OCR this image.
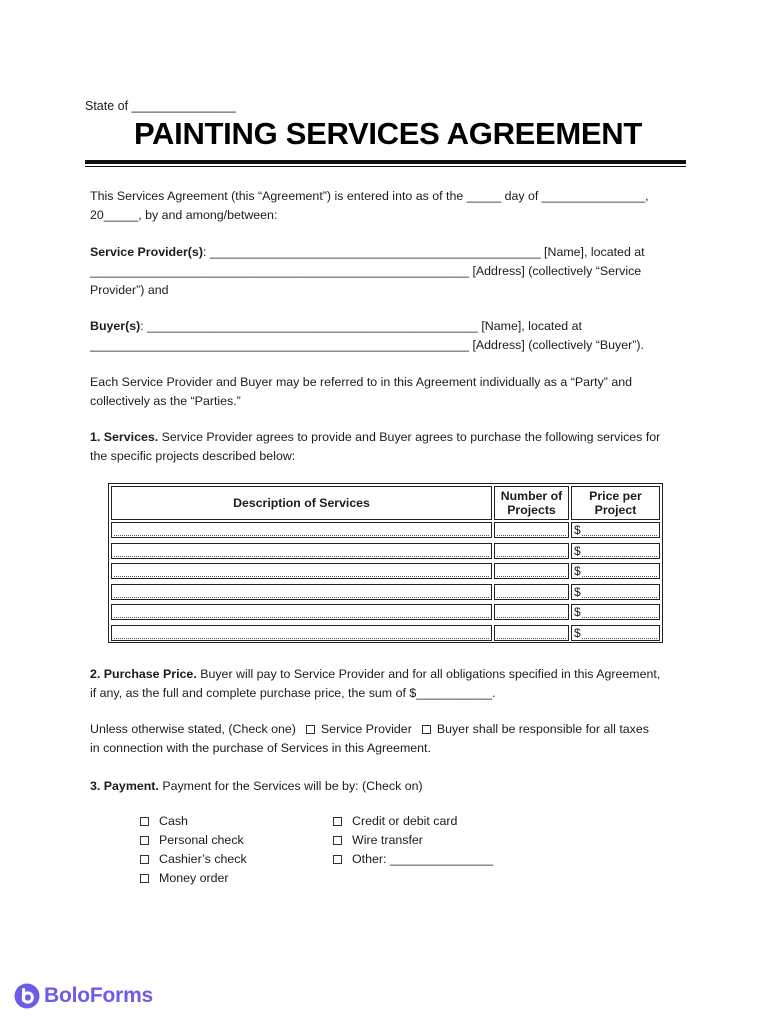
State of _______________
PAINTING SERVICES AGREEMENT

This Services Agreement (this “Agreement”) is entered into as of the _____ day of _______________,
20_____, by and among/between:

Service Provider(s): ________________________________________________ [Name], located at
_______________________________________________________ [Address] (collectively “Service
Provider”) and

Buyer(s): ________________________________________________ [Name], located at
_______________________________________________________ [Address] (collectively “Buyer”).

Each Service Provider and Buyer may be referred to in this Agreement individually as a “Party” and
collectively as the “Parties.”

1. Services. Service Provider agrees to provide and Buyer agrees to purchase the following services for
the specific projects described below:

Description of Services	Number of Projects
Price per Project
$
$
$
$
$
$

2. Purchase Price. Buyer will pay to Service Provider and for all obligations specified in this Agreement,
if any, as the full and complete purchase price, the sum of $___________.

Unless otherwise stated, (Check one) Service Provider Buyer shall be responsible for all taxes
in connection with the purchase of Services in this Agreement.

3. Payment. Payment for the Services will be by: (Check on)

Cash
Personal check
Cashier’s check
Money order
Credit or debit card
Wire transfer
Other: _______________
BoloForms
